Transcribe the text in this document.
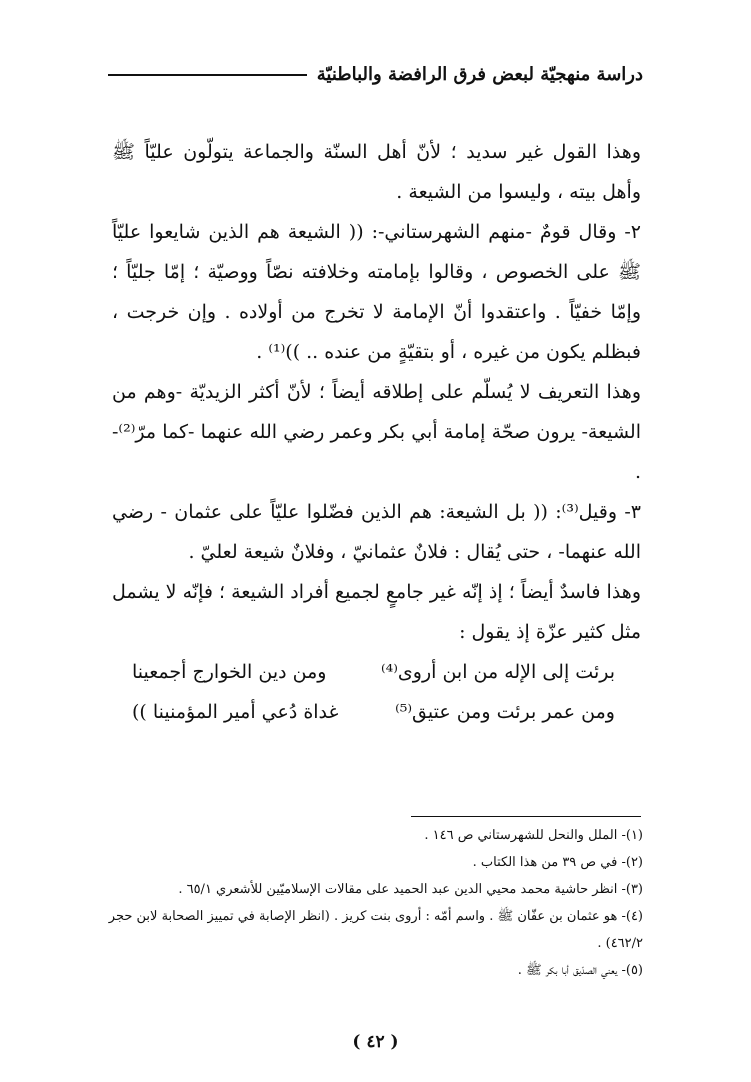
دراسة منهجيّة لبعض فرق الرافضة والباطنيّة

وهذا القول غير سديد ؛ لأنّ أهل السنّة والجماعة يتولّون عليّاً ﷺ وأهل بيته ، وليسوا من الشيعة .

٢- وقال قومٌ -منهم الشهرستاني-: (( الشيعة هم الذين شايعوا عليّاً ﷺ على الخصوص ، وقالوا بإمامته وخلافته نصّاً ووصيّة ؛ إمّا جليّاً ؛ وإمّا خفيّاً . واعتقدوا أنّ الإمامة لا تخرج من أولاده . وإن خرجت ، فبظلم يكون من غيره ، أو بتقيّةٍ من عنده .. ))⁽¹⁾ .

وهذا التعريف لا يُسلّم على إطلاقه أيضاً ؛ لأنّ أكثر الزيديّة -وهم من الشيعة- يرون صحّة إمامة أبي بكر وعمر رضي الله عنهما -كما مرّ⁽²⁾- .

٣- وقيل⁽³⁾: (( بل الشيعة: هم الذين فضّلوا عليّاً على عثمان - رضي الله عنهما- ، حتى يُقال : فلانٌ عثمانيّ ، وفلانٌ شيعة لعليّ .

وهذا فاسدٌ أيضاً ؛ إذ إنّه غير جامعٍ لجميع أفراد الشيعة ؛ فإنّه لا يشمل مثل كثير عزّة إذ يقول :

برئت إلى الإله من ابن أروى⁽⁴⁾
ومن دين الخوارج أجمعينا
ومن عمر برئت ومن عتيق⁽⁵⁾
غداة دُعي أمير المؤمنينا ))

(١)- الملل والنحل للشهرستاني ص ١٤٦ .

(٢)- في ص ٣٩ من هذا الكتاب .

(٣)- انظر حاشية محمد محيي الدين عبد الحميد على مقالات الإسلاميّين للأشعري ٦٥/١ .

(٤)- هو عثمان بن عفّان ﷺ . واسم أمّه : أروى بنت كريز . (انظر الإصابة في تمييز الصحابة لابن حجر ٤٦٢/٢) .

(٥)- يعني الصدّيق أبا بكر ﷺ .

( ٤٢ )
